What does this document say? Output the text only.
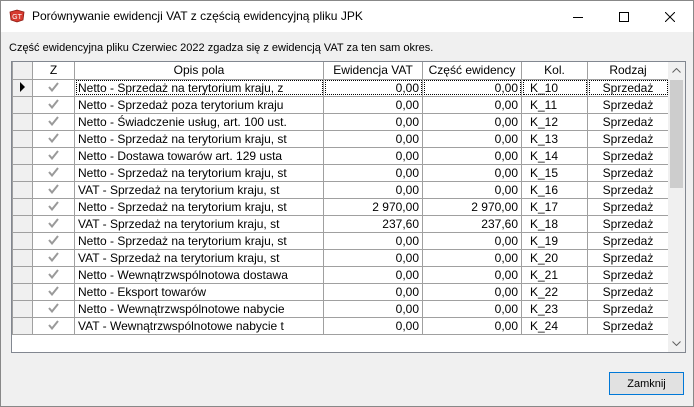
GT Porównywanie ewidencji VAT z częścią ewidencyjną pliku JPK
Część ewidencyjna pliku Czerwiec 2022 zgadza się z ewidencją VAT za ten sam okres.
	Z	Opis pola	Ewidencja VAT	Część ewidency	Kol.	Rodzaj
		Netto - Sprzedaż na terytorium kraju, z	0,00	0,00	K_10	Sprzedaż
		Netto - Sprzedaż poza terytorium kraju	0,00	0,00	K_11	Sprzedaż
		Netto - Świadczenie usług, art. 100 ust.	0,00	0,00	K_12	Sprzedaż
		Netto - Sprzedaż na terytorium kraju, st	0,00	0,00	K_13	Sprzedaż
		Netto - Dostawa towarów art. 129 usta	0,00	0,00	K_14	Sprzedaż
		Netto - Sprzedaż na terytorium kraju, st	0,00	0,00	K_15	Sprzedaż
		VAT - Sprzedaż na terytorium kraju, st	0,00	0,00	K_16	Sprzedaż
		Netto - Sprzedaż na terytorium kraju, st	2 970,00	2 970,00	K_17	Sprzedaż
		VAT - Sprzedaż na terytorium kraju, st	237,60	237,60	K_18	Sprzedaż
		Netto - Sprzedaż na terytorium kraju, st	0,00	0,00	K_19	Sprzedaż
		VAT - Sprzedaż na terytorium kraju, st	0,00	0,00	K_20	Sprzedaż
		Netto - Wewnątrzwspólnotowa dostawa	0,00	0,00	K_21	Sprzedaż
		Netto - Eksport towarów	0,00	0,00	K_22	Sprzedaż
		Netto - Wewnątrzwspólnotowe nabycie	0,00	0,00	K_23	Sprzedaż
		VAT - Wewnątrzwspólnotowe nabycie t	0,00	0,00	K_24	Sprzedaż
Zamknij
